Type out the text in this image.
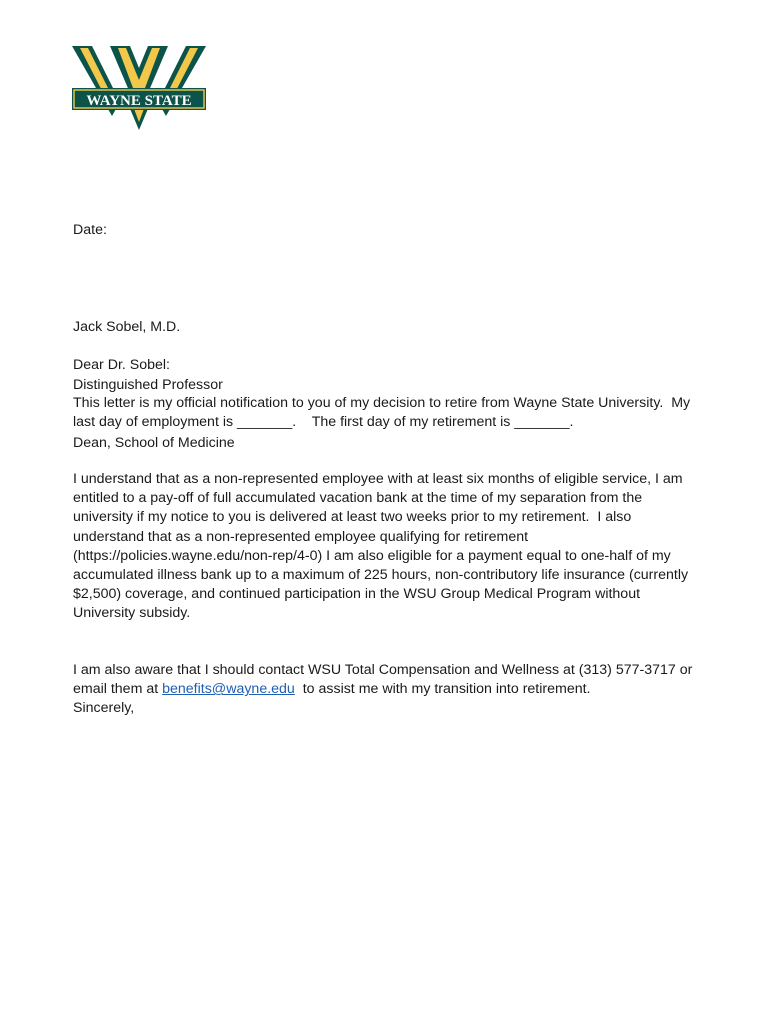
WAYNE STATE

Date:

Jack Sobel, M.D.

Distinguished Professor

Dean, School of Medicine

Dear Dr. Sobel:

This letter is my official notification to you of my decision to retire from Wayne State University.  My last day of employment is _______.    The first day of my retirement is _______.

I understand that as a non-represented employee with at least six months of eligible service, I am entitled to a pay-off of full accumulated vacation bank at the time of my separation from the university if my notice to you is delivered at least two weeks prior to my retirement.  I also understand that as a non-represented employee qualifying for retirement (https://policies.wayne.edu/non-rep/4-0) I am also eligible for a payment equal to one-half of my accumulated illness bank up to a maximum of 225 hours, non-contributory life insurance (currently $2,500) coverage, and continued participation in the WSU Group Medical Program without University subsidy.

I am also aware that I should contact WSU Total Compensation and Wellness at (313) 577-3717 or email them at benefits@wayne.edu  to assist me with my transition into retirement.

Sincerely,
